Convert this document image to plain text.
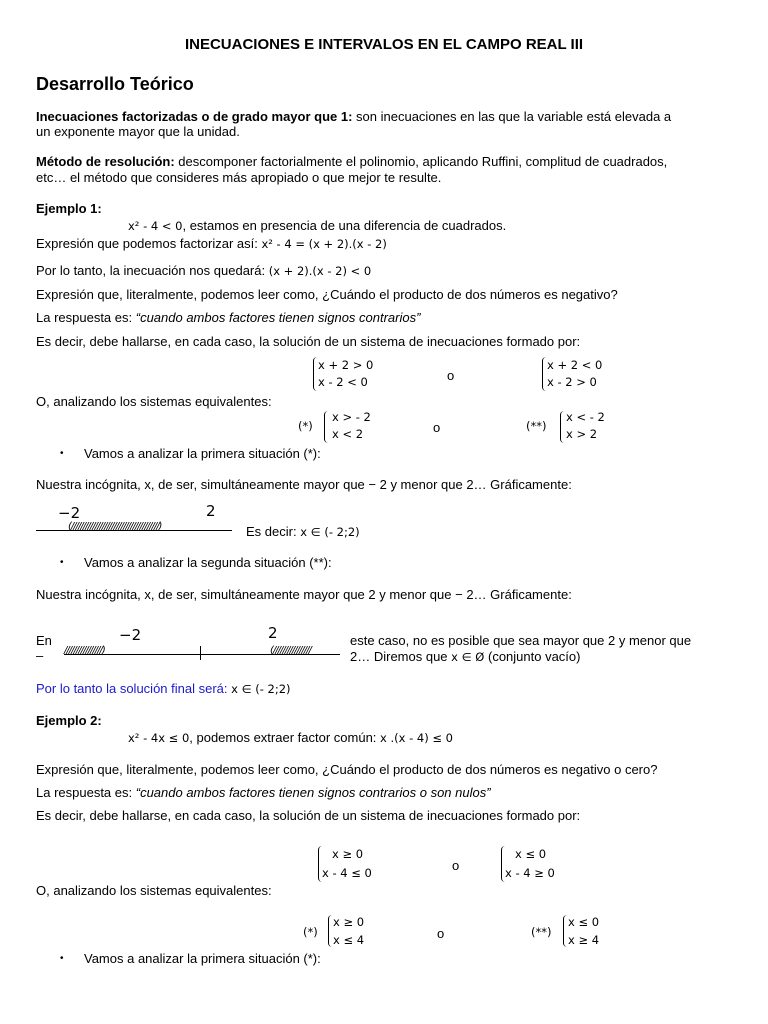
INECUACIONES E INTERVALOS EN EL CAMPO REAL III
Desarrollo Teórico
Inecuaciones factorizadas o de grado mayor que 1: son inecuaciones en las que la variable está elevada a
un exponente mayor que la unidad.
Método de resolución: descomponer factorialmente el polinomio, aplicando Ruffini, complitud de cuadrados,
etc… el método que consideres más apropiado o que mejor te resulte.
Ejemplo 1:
x² - 4 < 0, estamos en presencia de una diferencia de cuadrados.
Expresión que podemos factorizar así: x² - 4 = (x + 2).(x - 2)
Por lo tanto, la inecuación nos quedará: (x + 2).(x - 2) < 0
Expresión que, literalmente, podemos leer como, ¿Cuándo el producto de dos números es negativo?
La respuesta es: “cuando ambos factores tienen signos contrarios”
Es decir, debe hallarse, en cada caso, la solución de un sistema de inecuaciones formado por:
x + 2 > 0
x - 2 < 0	o
x + 2 < 0
x - 2 > 0
O, analizando los sistemas equivalentes:
(*)
x > - 2
x < 2	o	(**)
x < - 2
x > 2
• Vamos a analizar la primera situación (*):
Nuestra incógnita, x, de ser, simultáneamente mayor que − 2 y menor que 2… Gráficamente:
−2	2
(/////////////////////////////////////)	Es decir: x ∈ (- 2;2)
• Vamos a analizar la segunda situación (**):
Nuestra incógnita, x, de ser, simultáneamente mayor que 2 y menor que − 2… Gráficamente:
En
–
−2	2
////////////////)	(////////////////
este caso, no es posible que sea mayor que 2 y menor que
2… Diremos que x ∈ Ø (conjunto vacío)
Por lo tanto la solución final será: x ∈ (- 2;2)
Ejemplo 2:
x² - 4x ≤ 0, podemos extraer factor común: x .(x - 4) ≤ 0
Expresión que, literalmente, podemos leer como, ¿Cuándo el producto de dos números es negativo o cero?
La respuesta es: “cuando ambos factores tienen signos contrarios o son nulos”
Es decir, debe hallarse, en cada caso, la solución de un sistema de inecuaciones formado por:
x ≥ 0
x - 4 ≤ 0	o
x ≤ 0
x - 4 ≥ 0
O, analizando los sistemas equivalentes:
(*)
x ≥ 0
x ≤ 4	o	(**)
x ≤ 0
x ≥ 4
• Vamos a analizar la primera situación (*):
